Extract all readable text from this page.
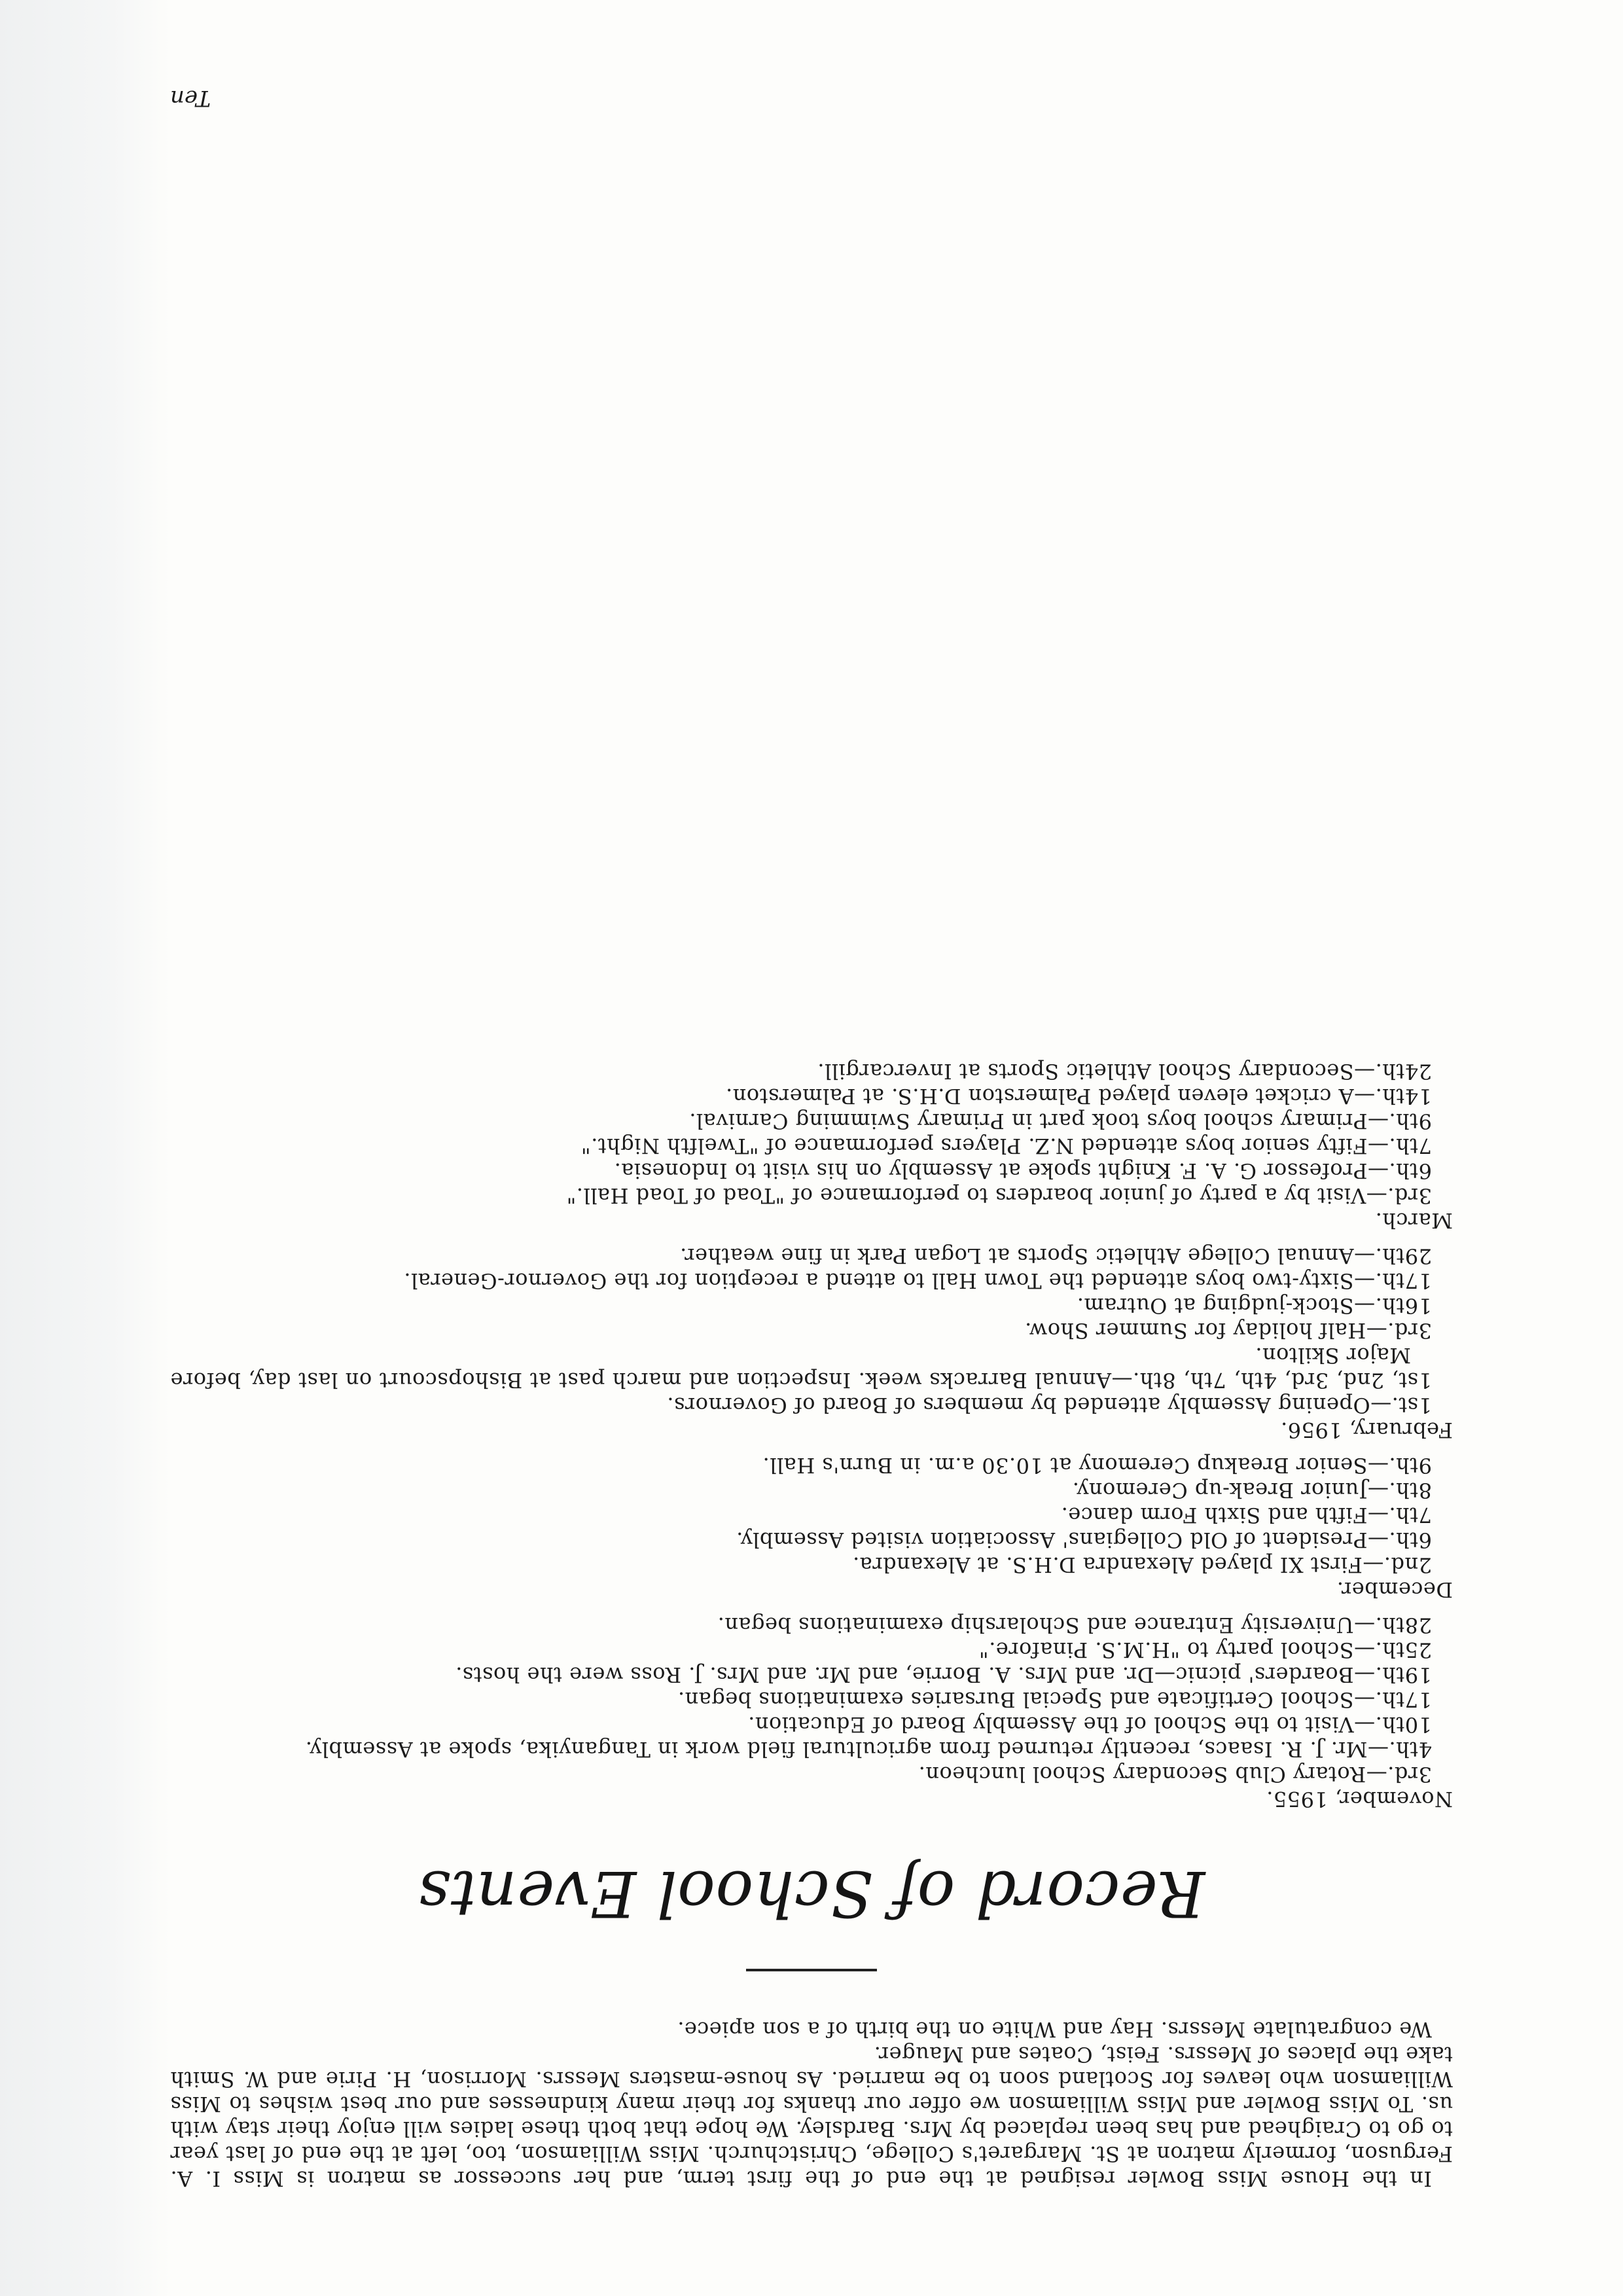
In the House Miss Bowler resigned at the end of the first term, and her successor as matron is Miss I. A. Ferguson, formerly matron at St. Margaret's College, Christchurch. Miss Williamson, too, left at the end of last year to go to Craighead and has been replaced by Mrs. Bardsley. We hope that both these ladies will enjoy their stay with us. To Miss Bowler and Miss Williamson we offer our thanks for their many kindnesses and our best wishes to Miss Williamson who leaves for Scotland soon to be married. As house-masters Messrs. Morrison, H. Pirie and W. Smith take the places of Messrs. Feist, Coates and Mauger.

We congratulate Messrs. Hay and White on the birth of a son apiece.

Record of School Events

November, 1955.

3rd.—Rotary Club Secondary School luncheon.

4th.—Mr. J. R. Isaacs, recently returned from agricultural field work in Tanganyika, spoke at Assembly.

10th.—Visit to the School of the Assembly Board of Education.

17th.—School Certificate and Special Bursaries examinations began.

19th.—Boarders' picnic—Dr. and Mrs. A. Borrie, and Mr. and Mrs. J. Ross were the hosts.

25th.—School party to "H.M.S. Pinafore."

28th.—University Entrance and Scholarship examinations began.

December.

2nd.—First XI played Alexandra D.H.S. at Alexandra.

6th.—President of Old Collegians' Association visited Assembly.

7th.—Fifth and Sixth Form dance.

8th.—Junior Break-up Ceremony.

9th.—Senior Breakup Ceremony at 10.30 a.m. in Burn's Hall.

February, 1956.

1st.—Opening Assembly attended by members of Board of Governors.

1st, 2nd, 3rd, 4th, 7th, 8th.—Annual Barracks week. Inspection and march past at Bishopscourt on last day, before Major Skilton.

3rd.—Half holiday for Summer Show.

16th.—Stock-judging at Outram.

17th.—Sixty-two boys attended the Town Hall to attend a reception for the Governor-General.

29th.—Annual College Athletic Sports at Logan Park in fine weather.

March.

3rd.—Visit by a party of junior boarders to performance of "Toad of Toad Hall."

6th.—Professor G. A. F. Knight spoke at Assembly on his visit to Indonesia.

7th.—Fifty senior boys attended N.Z. Players performance of "Twelfth Night."

9th.—Primary school boys took part in Primary Swimming Carnival.

14th.—A cricket eleven played Palmerston D.H.S. at Palmerston.

24th.—Secondary School Athletic Sports at Invercargill.

Ten
